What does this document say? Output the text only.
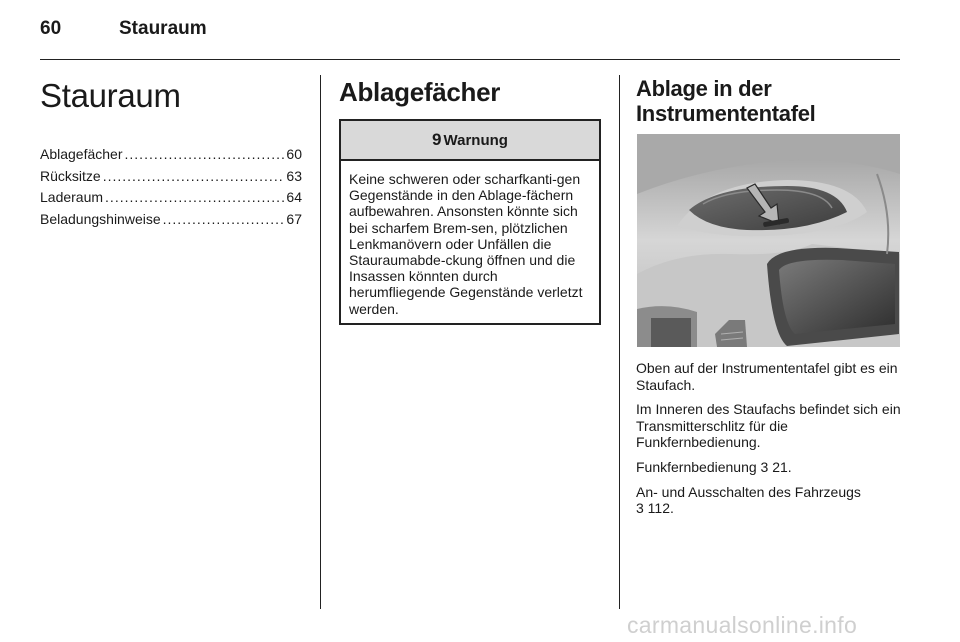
60	Stauraum
Stauraum
Ablagefächer .....	60
Rücksitze .....	63
Laderaum .....	64
Beladungshinweise .....	67
Ablagefächer
9 Warnung
Keine schweren oder scharfkanti-gen Gegenstände in den Ablage-fächern aufbewahren. Ansonsten könnte sich bei scharfem Brem-sen, plötzlichen Lenkmanövern oder Unfällen die Stauraumabde-ckung öffnen und die Insassen könnten durch herumfliegende Gegenstände verletzt werden.
Ablage in der
Instrumententafel

Oben auf der Instrumententafel gibt es ein Staufach.

Im Inneren des Staufachs befindet sich ein Transmitterschlitz für die Funkfernbedienung.

Funkfernbedienung 3 21.

An- und Ausschalten des Fahrzeugs
3 112.

carmanualsonline.info
